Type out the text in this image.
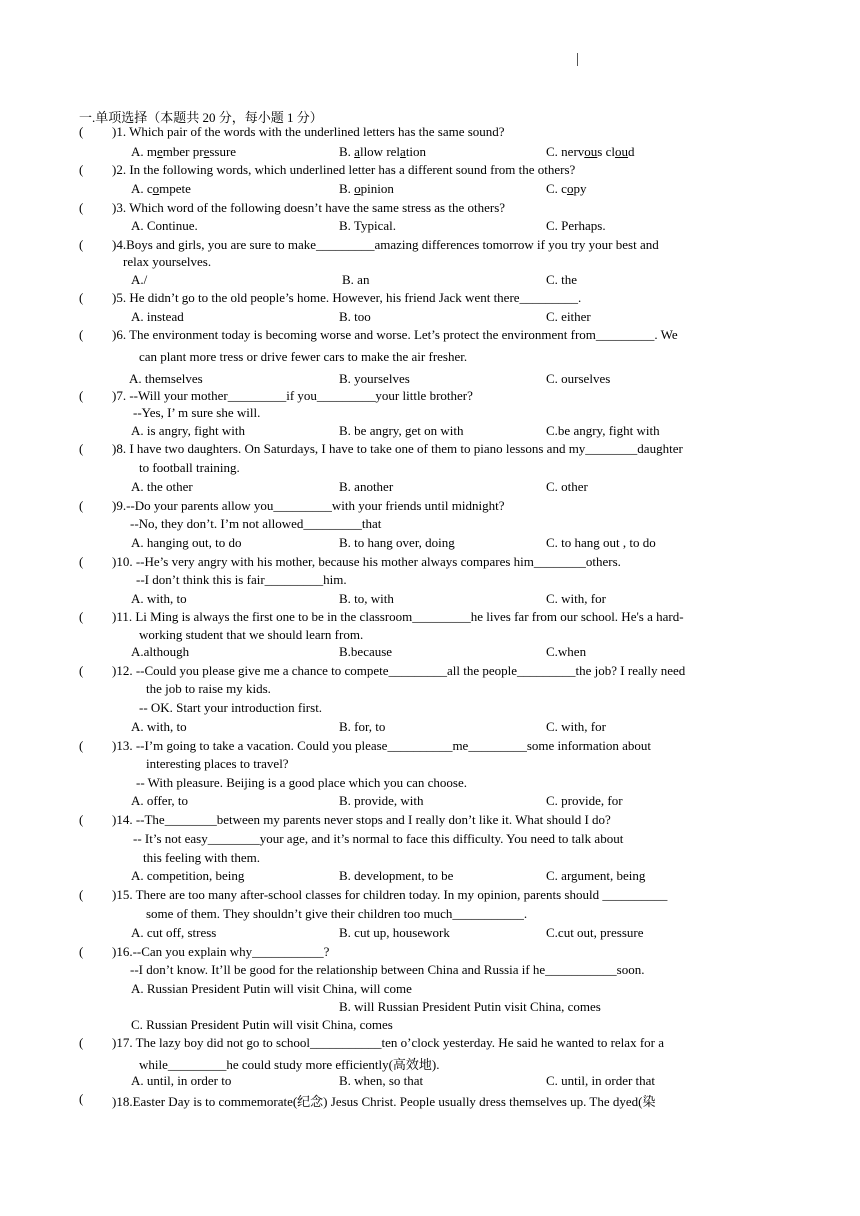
一.单项选择（本题共 20 分，每小题 1 分）
( )1. Which pair of the words with the underlined letters has the same sound?
A. member pressure	B. allow relation	C. nervous cloud
( )2. In the following words, which underlined letter has a different sound from the others?
A. compete	B. opinion	C. copy
( )3. Which word of the following doesn’t have the same stress as the others?
A. Continue.	B. Typical.	C. Perhaps.
( )4.Boys and girls, you are sure to make_________amazing differences tomorrow if you try your best and
relax yourselves.
A./	B. an	C. the
( )5. He didn’t go to the old people’s home. However, his friend Jack went there_________.
A. instead	B. too	C. either
( )6. The environment today is becoming worse and worse. Let’s protect the environment from_________. We
can plant more tress or drive fewer cars to make the air fresher.
A. themselves	B. yourselves	C. ourselves
( )7. --Will your mother_________if you_________your little brother?
--Yes, I’ m sure she will.
A. is angry, fight with	B. be angry, get on with	C.be angry, fight with
( )8. I have two daughters. On Saturdays, I have to take one of them to piano lessons and my________daughter
to football training.
A. the other	B. another	C. other
( )9.--Do your parents allow you_________with your friends until midnight?
--No, they don’t. I’m not allowed_________that
A. hanging out, to do	B. to hang over, doing	C. to hang out , to do
( )10. --He’s very angry with his mother, because his mother always compares him________others.
--I don’t think this is fair_________him.
A. with, to	B. to, with	C. with, for
( )11. Li Ming is always the first one to be in the classroom_________he lives far from our school. He's a hard-
working student that we should learn from.
A.although	B.because	C.when
( )12. --Could you please give me a chance to compete_________all the people_________the job? I really need
the job to raise my kids.
-- OK. Start your introduction first.
A. with, to	B. for, to	C. with, for
( )13. --I’m going to take a vacation. Could you please__________me_________some information about
interesting places to travel?
-- With pleasure. Beijing is a good place which you can choose.
A. offer, to	B. provide, with	C. provide, for
( )14. --The________between my parents never stops and I really don’t like it. What should I do?
-- It’s not easy________your age, and it’s normal to face this difficulty. You need to talk about
this feeling with them.
A. competition, being	B. development, to be	C. argument, being
( )15. There are too many after-school classes for children today. In my opinion, parents should __________
some of them. They shouldn’t give their children too much___________.
A. cut off, stress	B. cut up, housework	C.cut out, pressure
( )16.--Can you explain why___________?
--I don’t know. It’ll be good for the relationship between China and Russia if he___________soon.
A. Russian President Putin will visit China, will come
B. will Russian President Putin visit China, comes
C. Russian President Putin will visit China, comes
( )17. The lazy boy did not go to school___________ten o’clock yesterday. He said he wanted to relax for a
while_________he could study more efficiently(高效地).
A. until, in order to	B. when, so that	C. until, in order that
( )18.Easter Day is to commemorate(纪念) Jesus Christ. People usually dress themselves up. The dyed(染
